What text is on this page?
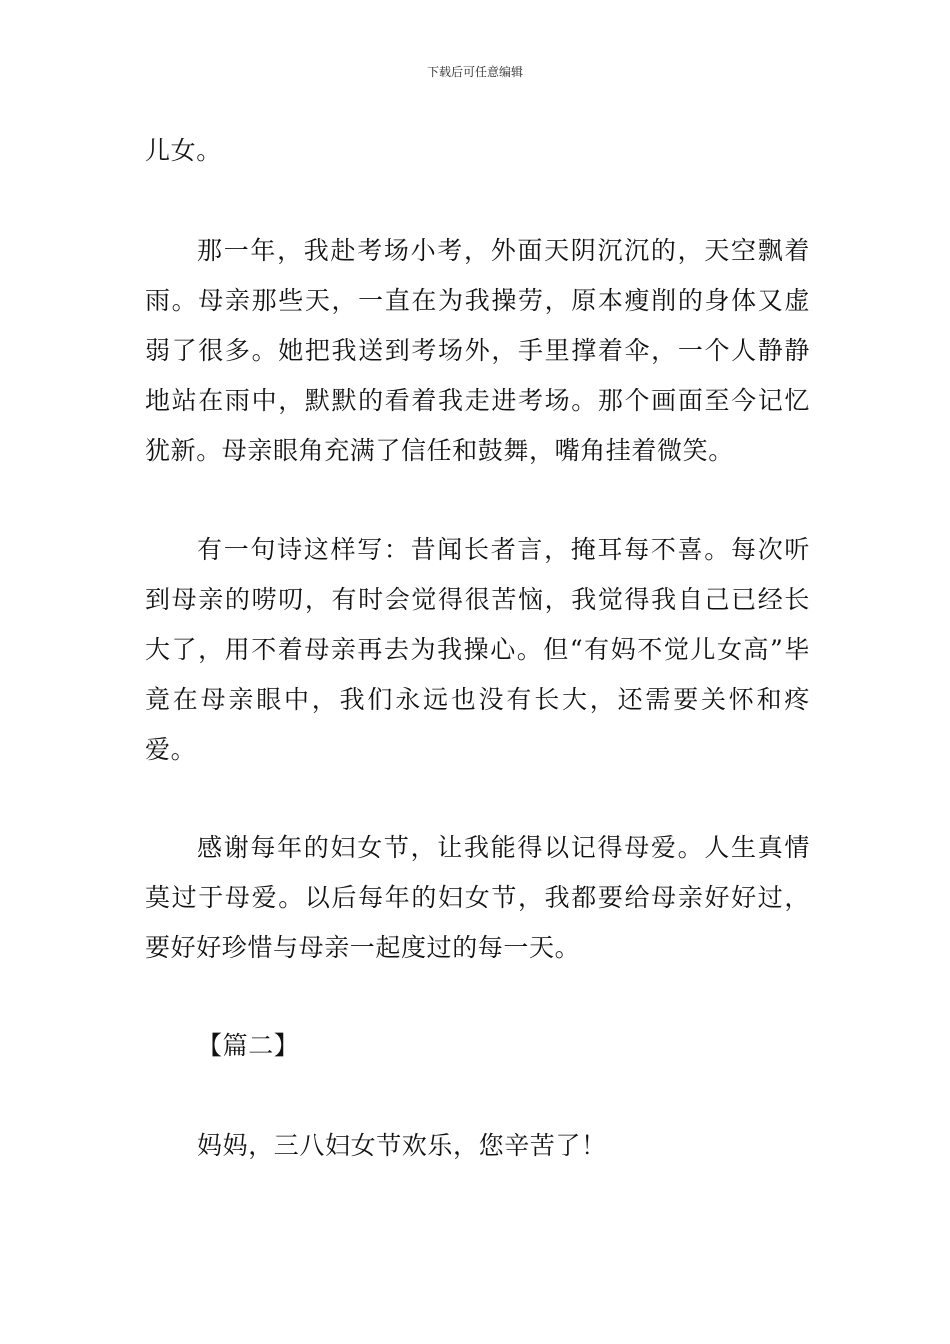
下载后可任意编辑

儿女。

那一年，我赴考场小考，外面天阴沉沉的，天空飘着雨。母亲那些天，一直在为我操劳，原本瘦削的身体又虚弱了很多。她把我送到考场外，手里撑着伞，一个人静静地站在雨中，默默的看着我走进考场。那个画面至今记忆犹新。母亲眼角充满了信任和鼓舞，嘴角挂着微笑。

有一句诗这样写：昔闻长者言，掩耳每不喜。每次听到母亲的唠叨，有时会觉得很苦恼，我觉得我自己已经长大了，用不着母亲再去为我操心。但“有妈不觉儿女高”毕竟在母亲眼中，我们永远也没有长大，还需要关怀和疼爱。

感谢每年的妇女节，让我能得以记得母爱。人生真情莫过于母爱。以后每年的妇女节，我都要给母亲好好过，要好好珍惜与母亲一起度过的每一天。

【篇二】

妈妈，三八妇女节欢乐，您辛苦了！
